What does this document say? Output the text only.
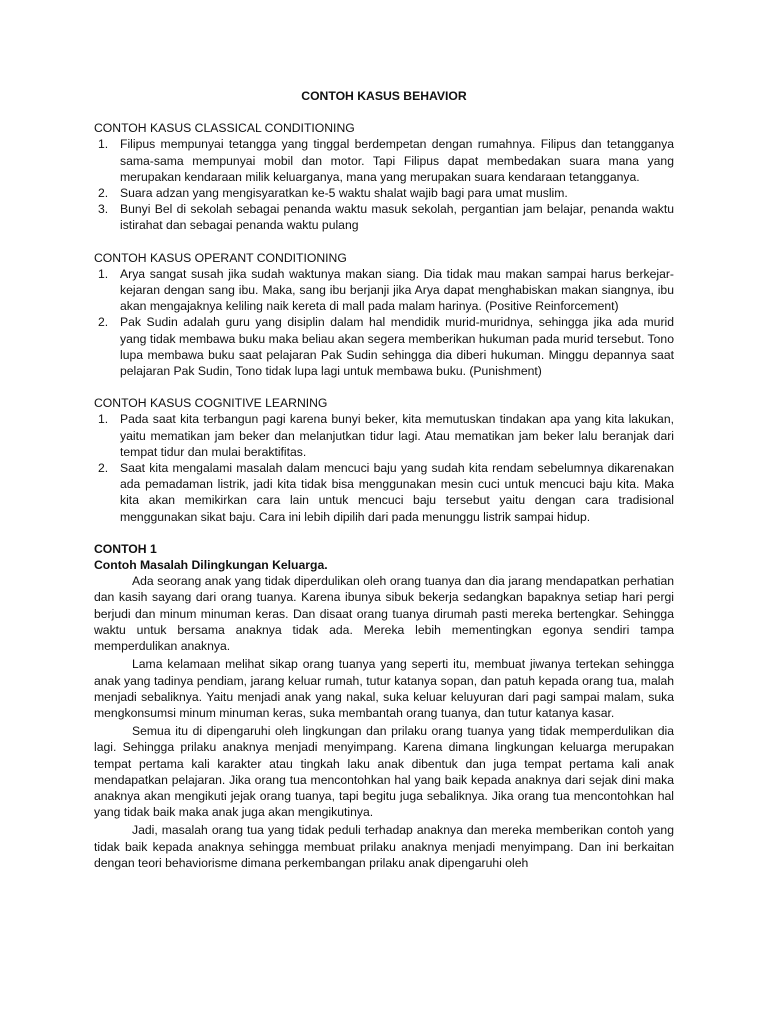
CONTOH KASUS BEHAVIOR
CONTOH KASUS CLASSICAL CONDITIONING
1. Filipus mempunyai tetangga yang tinggal berdempetan dengan rumahnya. Filipus dan tetangganya sama-sama mempunyai mobil dan motor. Tapi Filipus dapat membedakan suara mana yang merupakan kendaraan milik keluarganya, mana yang merupakan suara kendaraan tetangganya.
2. Suara adzan yang mengisyaratkan ke-5 waktu shalat wajib bagi para umat muslim.
3. Bunyi Bel di sekolah sebagai penanda waktu masuk sekolah, pergantian jam belajar, penanda waktu istirahat dan sebagai penanda waktu pulang
CONTOH KASUS OPERANT CONDITIONING
1. Arya sangat susah jika sudah waktunya makan siang. Dia tidak mau makan sampai harus berkejar-kejaran dengan sang ibu. Maka, sang ibu berjanji jika Arya dapat menghabiskan makan siangnya, ibu akan mengajaknya keliling naik kereta di mall pada malam harinya. (Positive Reinforcement)
2. Pak Sudin adalah guru yang disiplin dalam hal mendidik murid-muridnya, sehingga jika ada murid yang tidak membawa buku maka beliau akan segera memberikan hukuman pada murid tersebut. Tono lupa membawa buku saat pelajaran Pak Sudin sehingga dia diberi hukuman. Minggu depannya saat pelajaran Pak Sudin, Tono tidak lupa lagi untuk membawa buku. (Punishment)
CONTOH KASUS COGNITIVE LEARNING
1. Pada saat kita terbangun pagi karena bunyi beker, kita memutuskan tindakan apa yang kita lakukan, yaitu mematikan jam beker dan melanjutkan tidur lagi. Atau mematikan jam beker lalu beranjak dari tempat tidur dan mulai beraktifitas.
2. Saat kita mengalami masalah dalam mencuci baju yang sudah kita rendam sebelumnya dikarenakan ada pemadaman listrik, jadi kita tidak bisa menggunakan mesin cuci untuk mencuci baju kita. Maka kita akan memikirkan cara lain untuk mencuci baju tersebut yaitu dengan cara tradisional menggunakan sikat baju. Cara ini lebih dipilih dari pada menunggu listrik sampai hidup.
CONTOH 1
Contoh Masalah Dilingkungan Keluarga.

Ada seorang anak yang tidak diperdulikan oleh orang tuanya dan dia jarang mendapatkan perhatian dan kasih sayang dari orang tuanya. Karena ibunya sibuk bekerja sedangkan bapaknya setiap hari pergi berjudi dan minum minuman keras. Dan disaat orang tuanya dirumah pasti mereka bertengkar. Sehingga waktu untuk bersama anaknya tidak ada. Mereka lebih mementingkan egonya sendiri tampa memperdulikan anaknya.

Lama kelamaan melihat sikap orang tuanya yang seperti itu, membuat jiwanya tertekan sehingga anak yang tadinya pendiam, jarang keluar rumah, tutur katanya sopan, dan patuh kepada orang tua, malah menjadi sebaliknya. Yaitu menjadi anak yang nakal, suka keluar keluyuran dari pagi sampai malam, suka mengkonsumsi minum minuman keras, suka membantah orang tuanya, dan tutur katanya kasar.

Semua itu di dipengaruhi oleh lingkungan dan prilaku orang tuanya yang tidak memperdulikan dia lagi. Sehingga prilaku anaknya menjadi menyimpang. Karena dimana lingkungan keluarga merupakan tempat pertama kali karakter atau tingkah laku anak dibentuk dan juga tempat pertama kali anak mendapatkan pelajaran. Jika orang tua mencontohkan hal yang baik kepada anaknya dari sejak dini maka anaknya akan mengikuti jejak orang tuanya, tapi begitu juga sebaliknya. Jika orang tua mencontohkan hal yang tidak baik maka anak juga akan mengikutinya.

Jadi, masalah orang tua yang tidak peduli terhadap anaknya dan mereka memberikan contoh yang tidak baik kepada anaknya sehingga membuat prilaku anaknya menjadi menyimpang. Dan ini berkaitan dengan teori behaviorisme dimana perkembangan prilaku anak dipengaruhi oleh
